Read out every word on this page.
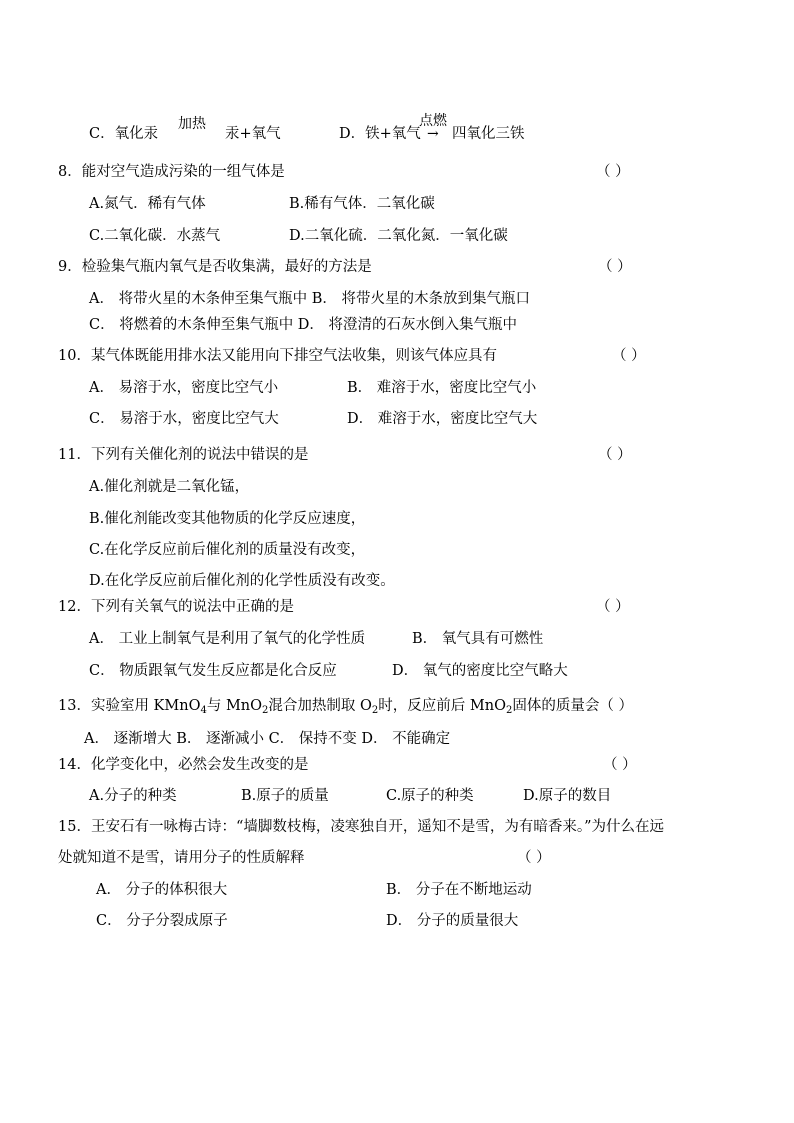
C．氧化汞
加热
汞+氧气	D．铁+氧气
点燃
→ 四氧化三铁
8．能对空气造成污染的一组气体是	（ ）
A.氮气．稀有气体	B.稀有气体．二氧化碳
C.二氧化碳．水蒸气	D.二氧化硫．二氧化氮．一氧化碳
9．检验集气瓶内氧气是否收集满，最好的方法是	（ ）
A． 将带火星的木条伸至集气瓶中 B． 将带火星的木条放到集气瓶口
C． 将燃着的木条伸至集气瓶中 D． 将澄清的石灰水倒入集气瓶中
10．某气体既能用排水法又能用向下排空气法收集，则该气体应具有	（ ）
A． 易溶于水，密度比空气小	B． 难溶于水，密度比空气小
C． 易溶于水，密度比空气大	D． 难溶于水，密度比空气大
11．下列有关催化剂的说法中错误的是	（ ）
A.催化剂就是二氧化锰，
B.催化剂能改变其他物质的化学反应速度，
C.在化学反应前后催化剂的质量没有改变，
D.在化学反应前后催化剂的化学性质没有改变。
12．下列有关氧气的说法中正确的是	（ ）
A． 工业上制氧气是利用了氧气的化学性质	B． 氧气具有可燃性
C． 物质跟氧气发生反应都是化合反应	D． 氧气的密度比空气略大
13．实验室用 KMnO$_4$与 MnO$_2$混合加热制取 $O_2$时，反应前后 MnO$_2$固体的质量会（ ）
A． 逐渐增大 B． 逐渐减小 C． 保持不变 D． 不能确定
14．化学变化中，必然会发生改变的是	（ ）
A.分子的种类	B.原子的质量	C.原子的种类	D.原子的数目
15．王安石有一咏梅古诗：“墙脚数枝梅，凌寒独自开，遥知不是雪，为有暗香来。”为什么在远
处就知道不是雪，请用分子的性质解释	（ ）
A． 分子的体积很大	B． 分子在不断地运动
C． 分子分裂成原子	D． 分子的质量很大
